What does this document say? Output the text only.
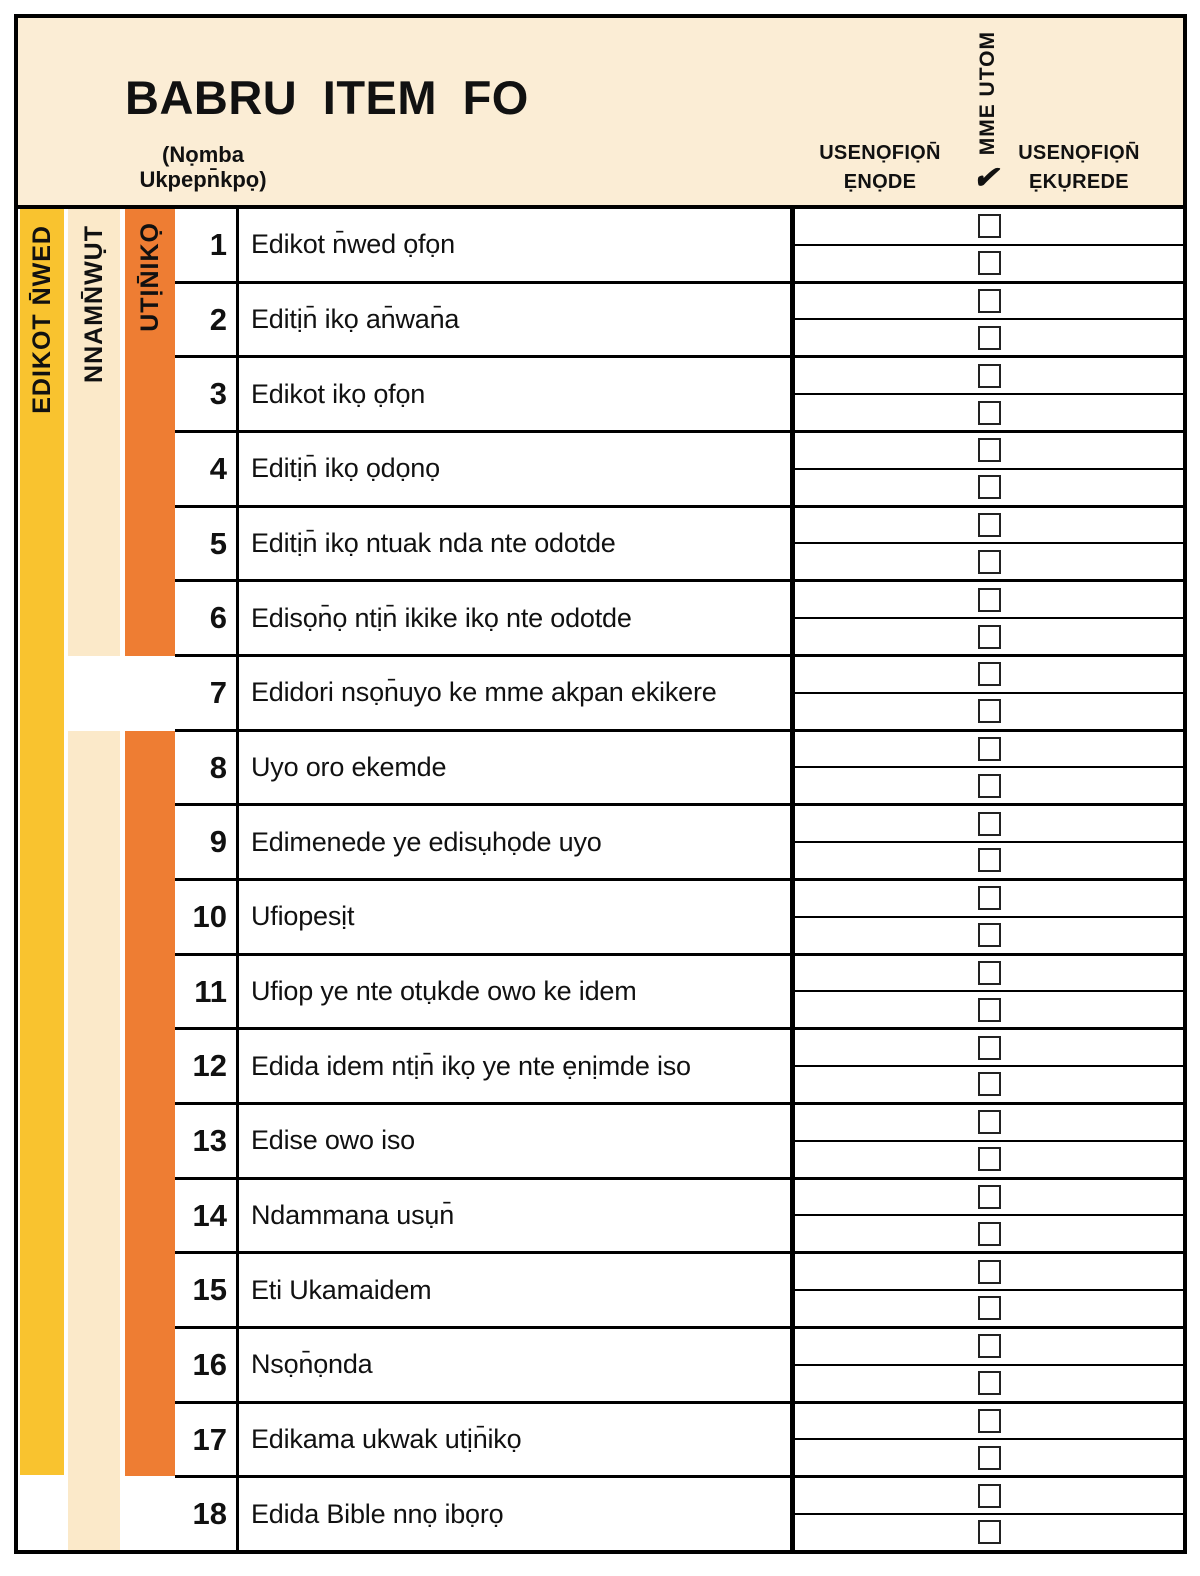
BABRU ITEM FO
(Nọmba
Ukpepn̄kpọ)
USENỌFIỌN̄
ẸNỌDE
MME UTOM
✔
USENỌFIỌN̄
ẸKỤREDE
EDIKOT N̄WED NNAMN̄WỤT	UTỊN̄IKỌ	1 Edikot n̄wed ọfọn
2 Editịn̄ ikọ an̄wan̄a
3 Edikot ikọ ọfọn
4 Editịn̄ ikọ ọdọnọ
5 Editịn̄ ikọ ntuak nda nte odotde
6 Edisọn̄ọ ntịn̄ ikike ikọ nte odotde
7 Edidori nsọn̄uyo ke mme akpan ekikere
8 Uyo oro ekemde
9 Edimenede ye edisụhọde uyo
10 Ufiopesịt
11 Ufiop ye nte otụkde owo ke idem
12 Edida idem ntịn̄ ikọ ye nte ẹnịmde iso
13 Edise owo iso
14 Ndammana usụn̄
15 Eti Ukamaidem
16 Nsọn̄ọnda
17 Edikama ukwak utịn̄ikọ
18 Edida Bible nnọ ibọrọ
